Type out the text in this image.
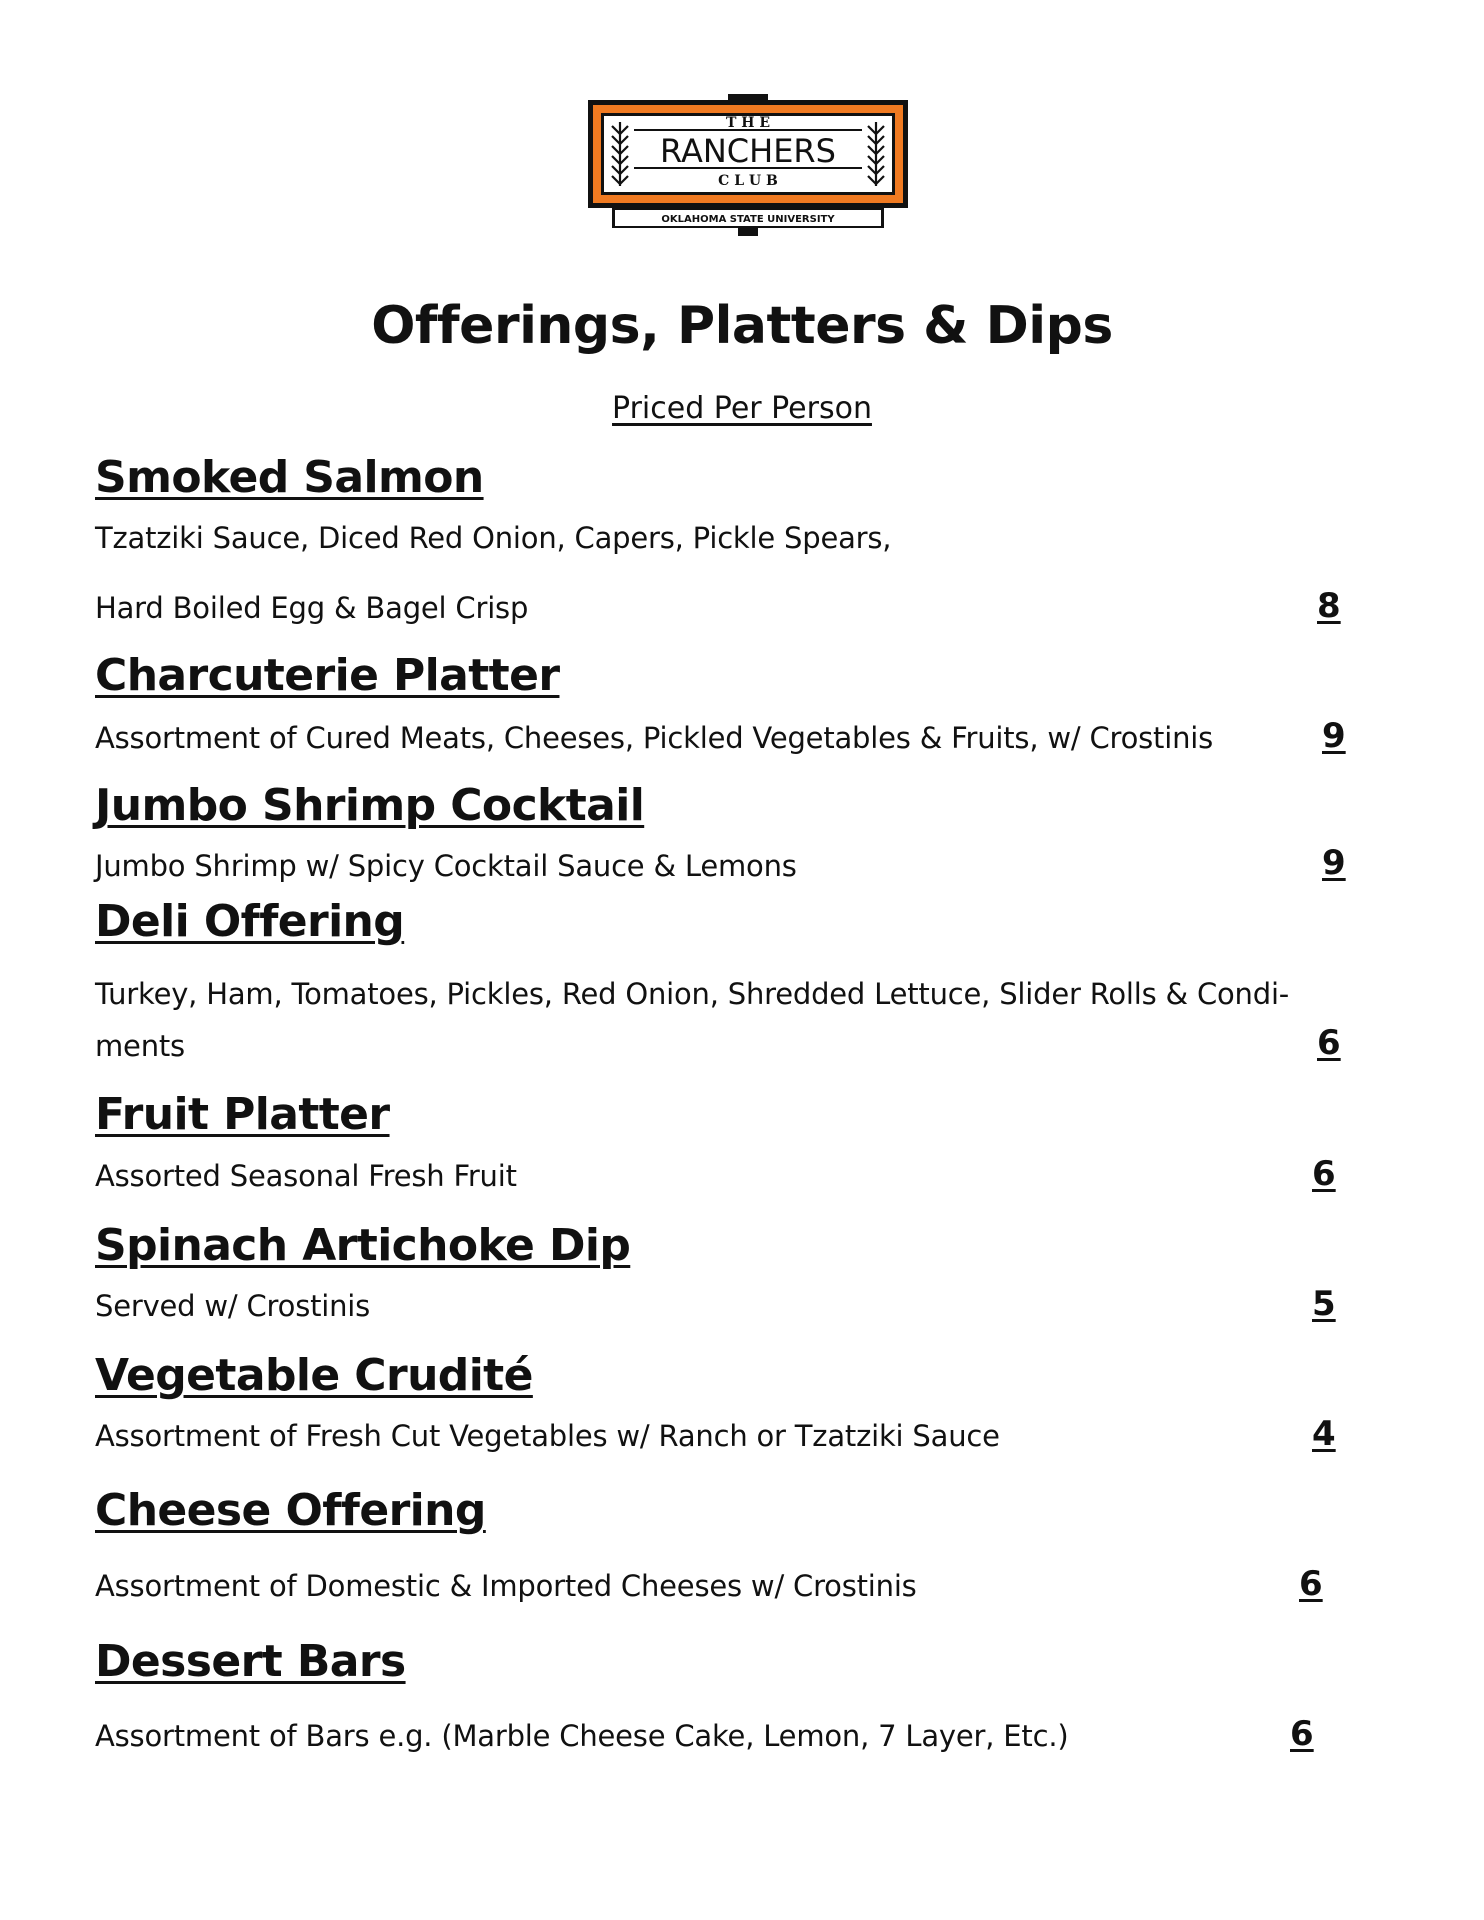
T H E
RANCHERS
C L U B
OKLAHOMA STATE UNIVERSITY
Offerings, Platters & Dips
Priced Per Person
Smoked Salmon
Tzatziki Sauce, Diced Red Onion, Capers, Pickle Spears,
Hard Boiled Egg & Bagel Crisp	8
Charcuterie Platter
Assortment of Cured Meats, Cheeses, Pickled Vegetables & Fruits, w/ Crostinis	9
Jumbo Shrimp Cocktail
Jumbo Shrimp w/ Spicy Cocktail Sauce & Lemons	9
Deli Offering
Turkey, Ham, Tomatoes, Pickles, Red Onion, Shredded Lettuce, Slider Rolls & Condi-
ments	6
Fruit Platter
Assorted Seasonal Fresh Fruit	6
Spinach Artichoke Dip
Served w/ Crostinis	5
Vegetable Crudité
Assortment of Fresh Cut Vegetables w/ Ranch or Tzatziki Sauce	4
Cheese Offering
Assortment of Domestic & Imported Cheeses w/ Crostinis	6
Dessert Bars
Assortment of Bars e.g. (Marble Cheese Cake, Lemon, 7 Layer, Etc.)	6
